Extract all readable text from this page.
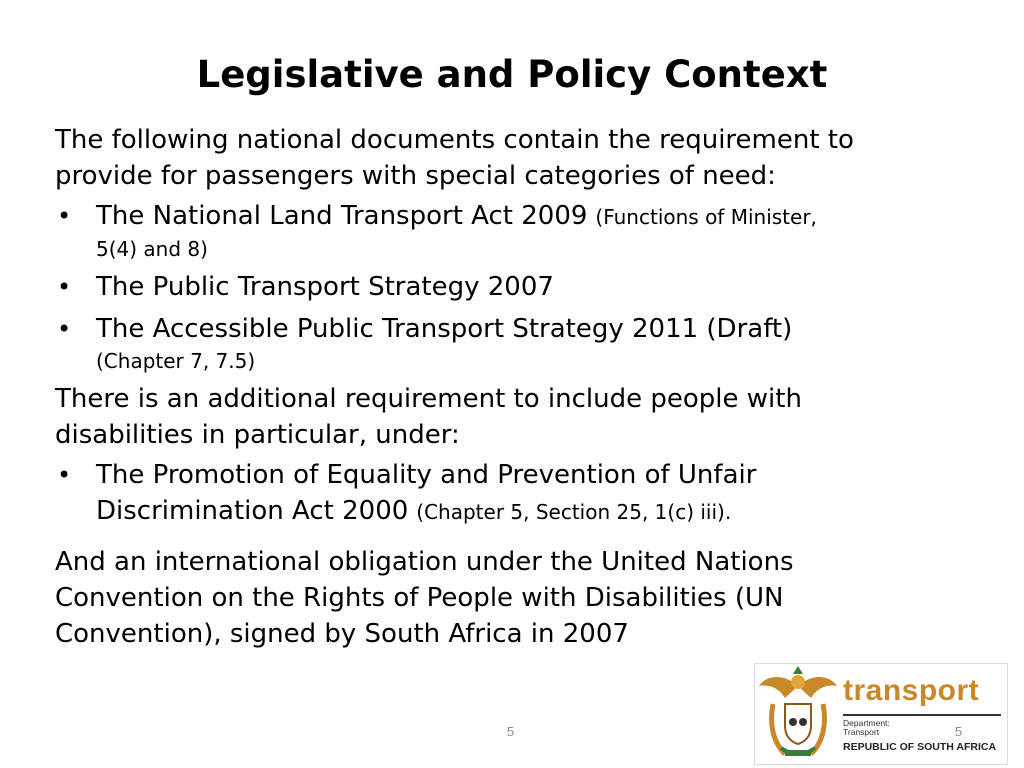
Legislative and Policy Context
The following national documents contain the requirement to
provide for passengers with special categories of need:
• The National Land Transport Act 2009 (Functions of Minister,
5(4) and 8)
• The Public Transport Strategy 2007
• The Accessible Public Transport Strategy 2011 (Draft)
(Chapter 7, 7.5)
There is an additional requirement to include people with
disabilities in particular, under:
• The Promotion of Equality and Prevention of Unfair
Discrimination Act 2000 (Chapter 5, Section 25, 1(c) iii).
And an international obligation under the United Nations
Convention on the Rights of People with Disabilities (UN
Convention), signed by South Africa in 2007
5
transport
Department:
Transport
REPUBLIC OF SOUTH AFRICA
5
